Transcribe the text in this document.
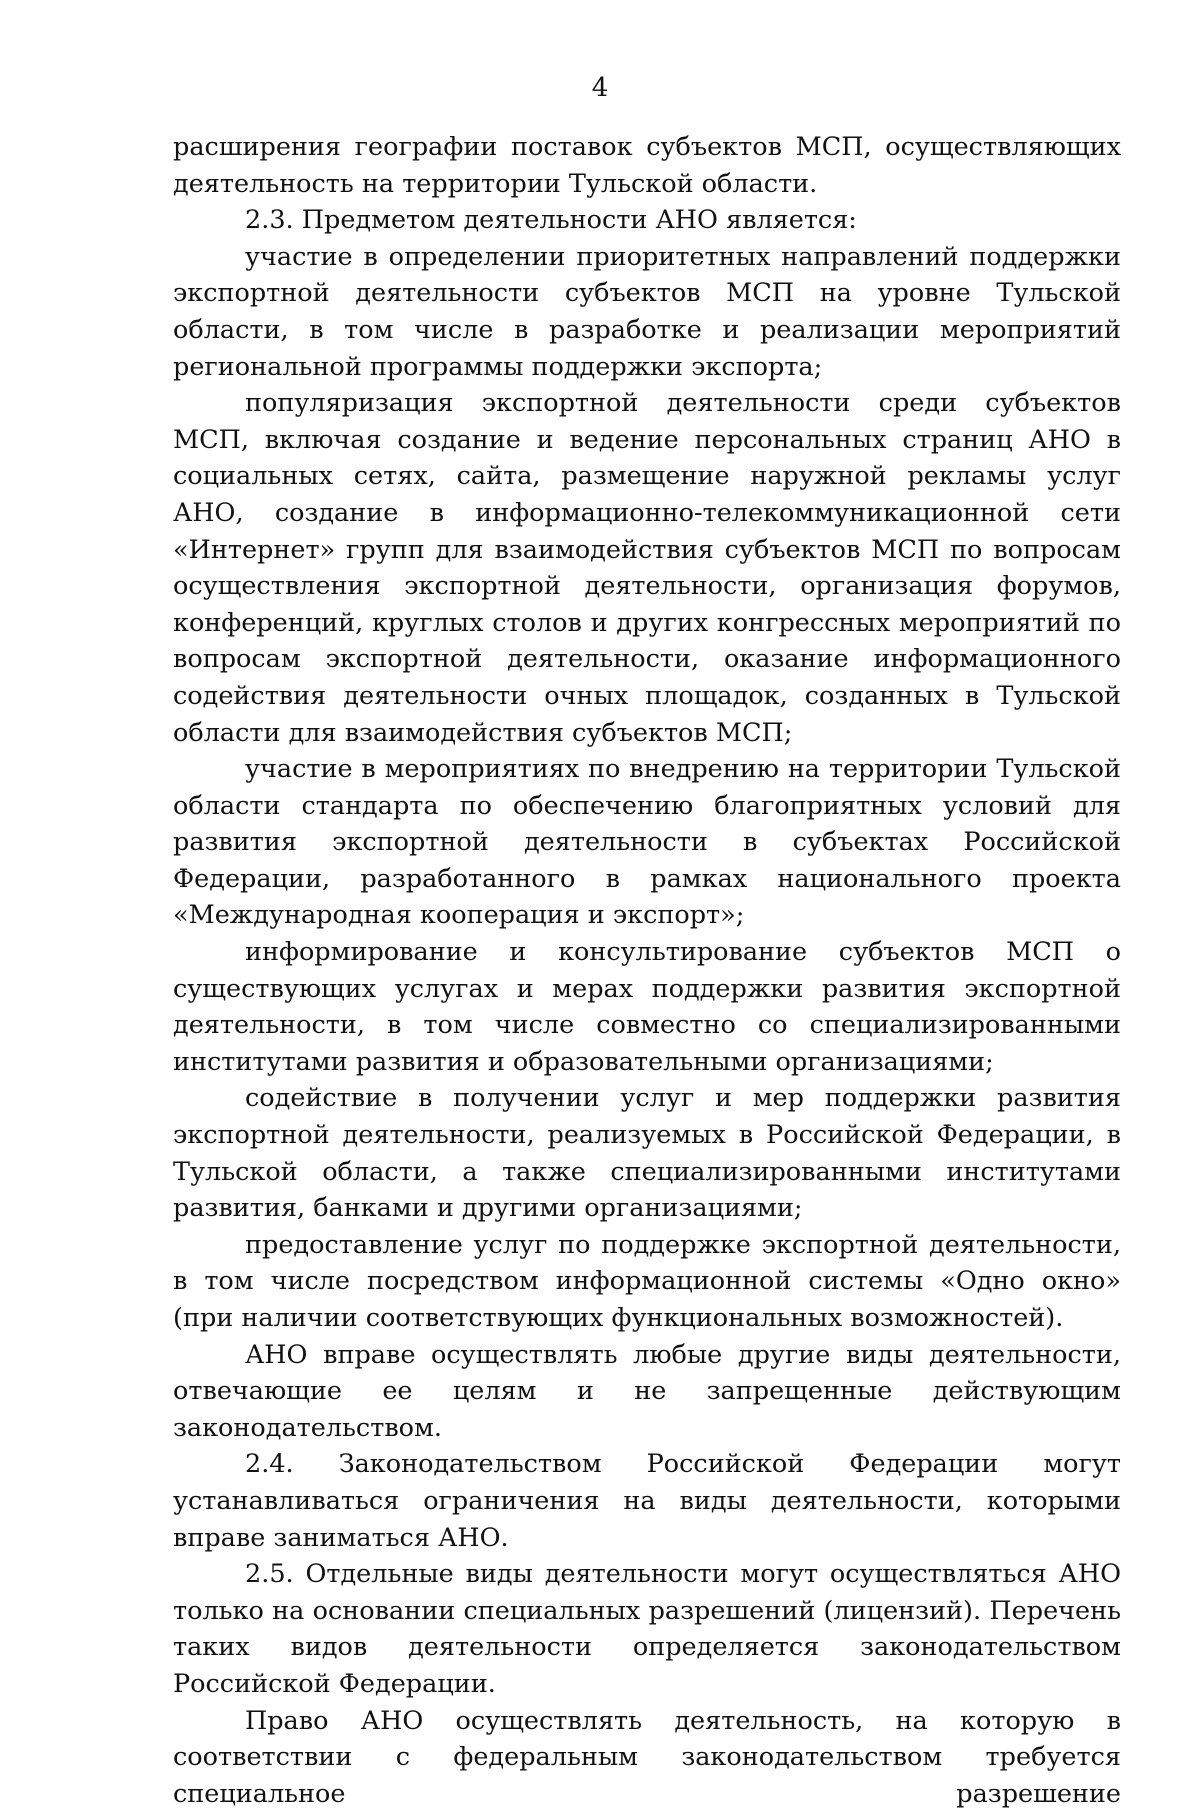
4

расширения географии поставок субъектов МСП, осуществляющих деятельность на территории Тульской области.

2.3. Предметом деятельности АНО является:

участие в определении приоритетных направлений поддержки экспортной деятельности субъектов МСП на уровне Тульской области, в том числе в разработке и реализации мероприятий региональной программы поддержки экспорта;

популяризация экспортной деятельности среди субъектов МСП, включая создание и ведение персональных страниц АНО в социальных сетях, сайта, размещение наружной рекламы услуг АНО, создание в информационно-телекоммуникационной сети «Интернет» групп для взаимодействия субъектов МСП по вопросам осуществления экспортной деятельности, организация форумов, конференций, круглых столов и других конгрессных мероприятий по вопросам экспортной деятельности, оказание информационного содействия деятельности очных площадок, созданных в Тульской области для взаимодействия субъектов МСП;

участие в мероприятиях по внедрению на территории Тульской области стандарта по обеспечению благоприятных условий для развития экспортной деятельности в субъектах Российской Федерации, разработанного в рамках национального проекта «Международная кооперация и экспорт»;

информирование и консультирование субъектов МСП о существующих услугах и мерах поддержки развития экспортной деятельности, в том числе совместно со специализированными институтами развития и образовательными организациями;

содействие в получении услуг и мер поддержки развития экспортной деятельности, реализуемых в Российской Федерации, в Тульской области, а также специализированными институтами развития, банками и другими организациями;

предоставление услуг по поддержке экспортной деятельности, в том числе посредством информационной системы «Одно окно» (при наличии соответствующих функциональных возможностей).

АНО вправе осуществлять любые другие виды деятельности, отвечающие ее целям и не запрещенные действующим законодательством.

2.4. Законодательством Российской Федерации могут устанавливаться ограничения на виды деятельности, которыми вправе заниматься АНО.

2.5. Отдельные виды деятельности могут осуществляться АНО только на основании специальных разрешений (лицензий). Перечень таких видов деятельности определяется законодательством Российской Федерации.

Право АНО осуществлять деятельность, на которую в соответствии с федеральным законодательством требуется специальное разрешение
